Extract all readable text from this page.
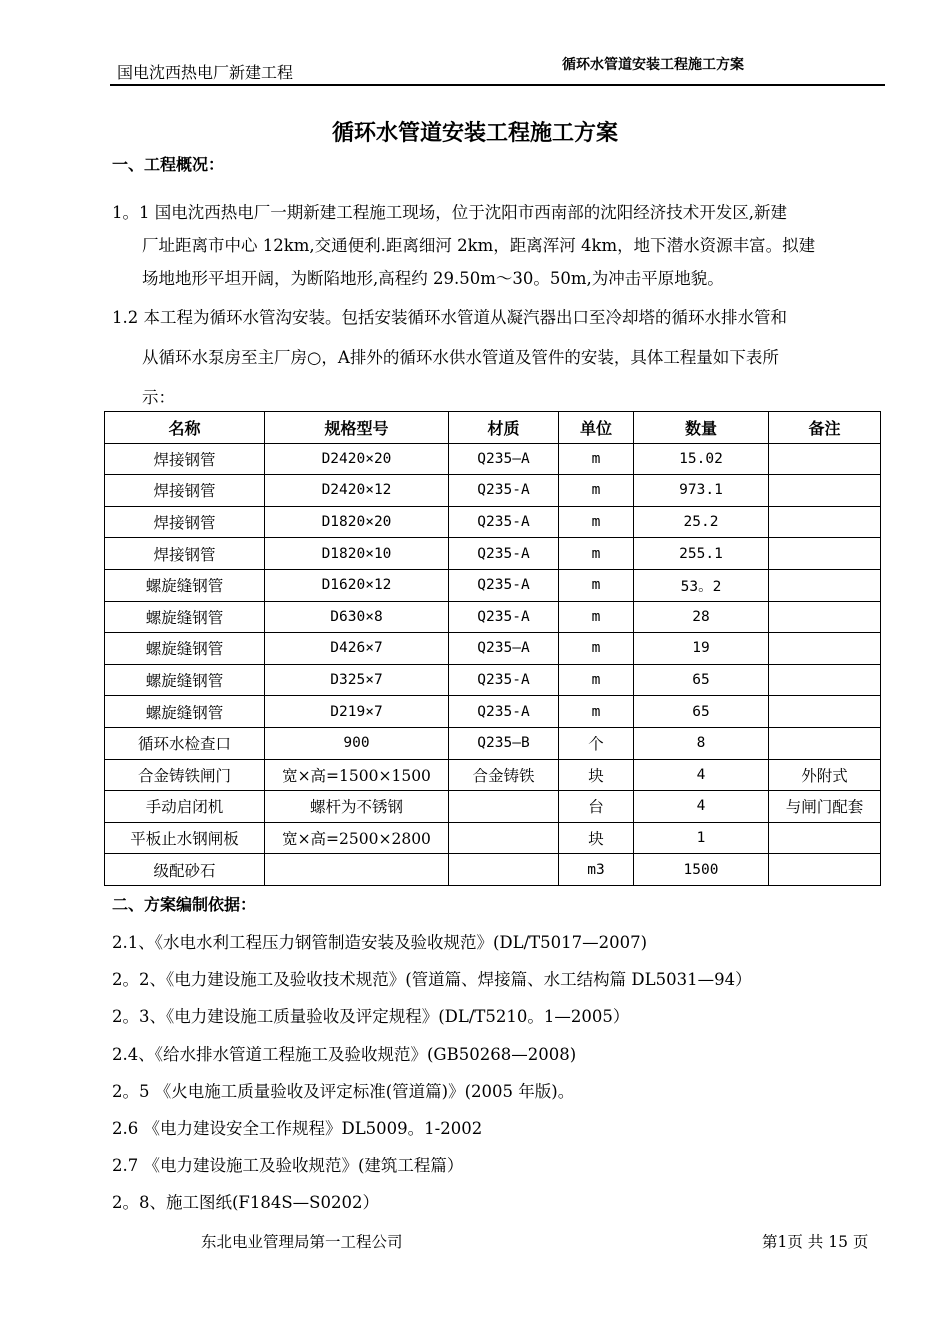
国电沈西热电厂新建工程	循环水管道安装工程施工方案
循环水管道安装工程施工方案
一、工程概况：
1。1 国电沈西热电厂一期新建工程施工现场，位于沈阳市西南部的沈阳经济技术开发区,新建
厂址距离市中心 12km,交通便利.距离细河 2km，距离浑河 4km，地下潜水资源丰富。拟建
场地地形平坦开阔，为断陷地形,高程约 29.50m～30。50m,为冲击平原地貌。
1.2 本工程为循环水管沟安装。包括安装循环水管道从凝汽器出口至冷却塔的循环水排水管和
从循环水泵房至主厂房○，A排外的循环水供水管道及管件的安装，具体工程量如下表所
示：
名称	规格型号	材质	单位	数量	备注
焊接钢管	D2420×20	Q235—A	m	15.02	
焊接钢管	D2420×12	Q235-A	m	973.1	
焊接钢管	D1820×20	Q235-A	m	25.2	
焊接钢管	D1820×10	Q235-A	m	255.1	
螺旋缝钢管	D1620×12	Q235-A	m	53。2	
螺旋缝钢管	D630×8	Q235-A	m	28	
螺旋缝钢管	D426×7	Q235—A	m	19	
螺旋缝钢管	D325×7	Q235-A	m	65	
螺旋缝钢管	D219×7	Q235-A	m	65	
循环水检查口	900	Q235—B	个	8	
合金铸铁闸门	宽×高=1500×1500	合金铸铁	块	4	外附式
手动启闭机	螺杆为不锈钢		台	4	与闸门配套
平板止水钢闸板	宽×高=2500×2800		块	1	
级配砂石			m3	1500	
二、方案编制依据：
2.1、《水电水利工程压力钢管制造安装及验收规范》(DL/T5017—2007)
2。2、《电力建设施工及验收技术规范》(管道篇、焊接篇、水工结构篇 DL5031—94）
2。3、《电力建设施工质量验收及评定规程》(DL/T5210。1—2005）
2.4、《给水排水管道工程施工及验收规范》(GB50268—2008)
2。5 《火电施工质量验收及评定标准(管道篇)》(2005 年版)。
2.6 《电力建设安全工作规程》DL5009。1-2002
2.7 《电力建设施工及验收规范》(建筑工程篇）
2。8、施工图纸(F184S—S0202）
东北电业管理局第一工程公司	第1页 共 15 页
